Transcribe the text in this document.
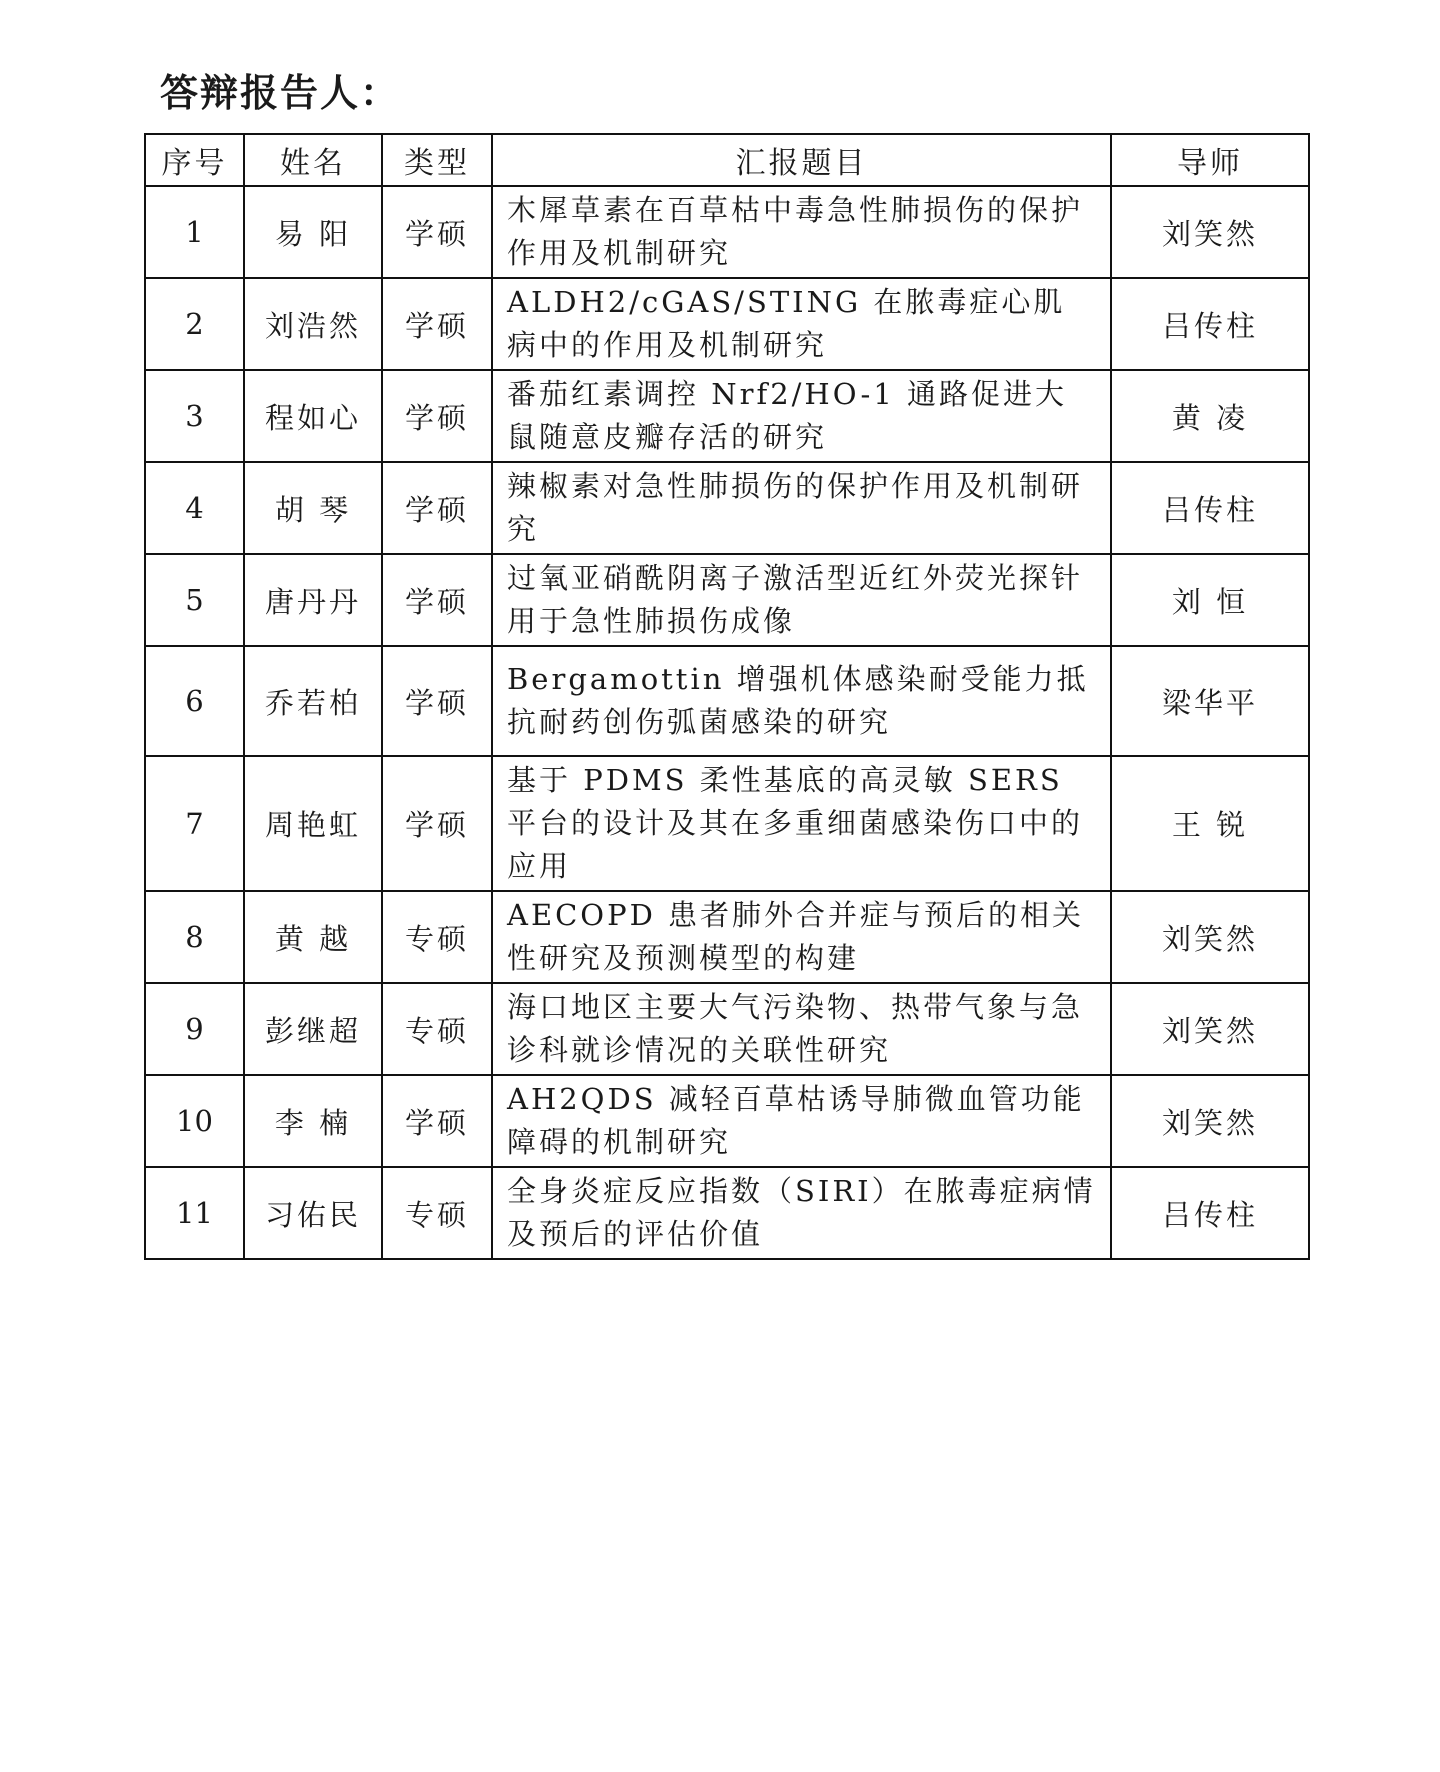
答辩报告人：
序号	姓名	类型	汇报题目	导师
1	易 阳	学硕	木犀草素在百草枯中毒急性肺损伤的保护作用及机制研究	刘笑然
2	刘浩然	学硕	ALDH2/cGAS/STING 在脓毒症心肌病中的作用及机制研究	吕传柱
3	程如心	学硕	番茄红素调控 Nrf2/HO-1 通路促进大鼠随意皮瓣存活的研究	黄 凌
4	胡 琴	学硕	辣椒素对急性肺损伤的保护作用及机制研究	吕传柱
5	唐丹丹	学硕	过氧亚硝酰阴离子激活型近红外荧光探针用于急性肺损伤成像	刘 恒
6	乔若柏	学硕	Bergamottin 增强机体感染耐受能力抵抗耐药创伤弧菌感染的研究	梁华平
7	周艳虹	学硕	基于 PDMS 柔性基底的高灵敏 SERS 平台的设计及其在多重细菌感染伤口中的应用	王 锐
8	黄 越	专硕	AECOPD 患者肺外合并症与预后的相关性研究及预测模型的构建	刘笑然
9	彭继超	专硕	海口地区主要大气污染物、热带气象与急诊科就诊情况的关联性研究	刘笑然
10	李 楠	学硕	AH2QDS 减轻百草枯诱导肺微血管功能障碍的机制研究	刘笑然
11	习佑民	专硕	全身炎症反应指数（SIRI）在脓毒症病情及预后的评估价值	吕传柱
